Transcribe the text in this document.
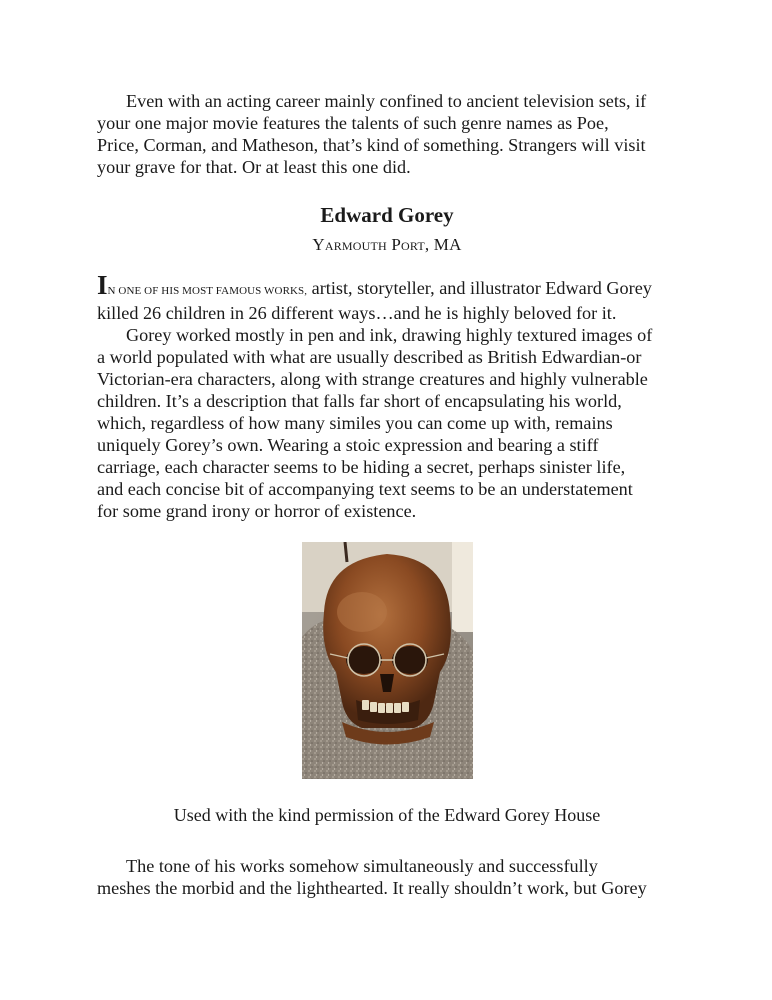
Even with an acting career mainly confined to ancient television sets, if
your one major movie features the talents of such genre names as Poe,
Price, Corman, and Matheson, that’s kind of something. Strangers will visit
your grave for that. Or at least this one did.

Edward Gorey
Yarmouth Port, MA

IN ONE OF HIS MOST FAMOUS WORKS, artist, storyteller, and illustrator Edward Gorey
killed 26 children in 26 different ways…and he is highly beloved for it.

Gorey worked mostly in pen and ink, drawing highly textured images of
a world populated with what are usually described as British Edwardian-or
Victorian-era characters, along with strange creatures and highly vulnerable
children. It’s a description that falls far short of encapsulating his world,
which, regardless of how many similes you can come up with, remains
uniquely Gorey’s own. Wearing a stoic expression and bearing a stiff
carriage, each character seems to be hiding a secret, perhaps sinister life,
and each concise bit of accompanying text seems to be an understatement
for some grand irony or horror of existence.

Used with the kind permission of the Edward Gorey House

The tone of his works somehow simultaneously and successfully
meshes the morbid and the lighthearted. It really shouldn’t work, but Gorey
